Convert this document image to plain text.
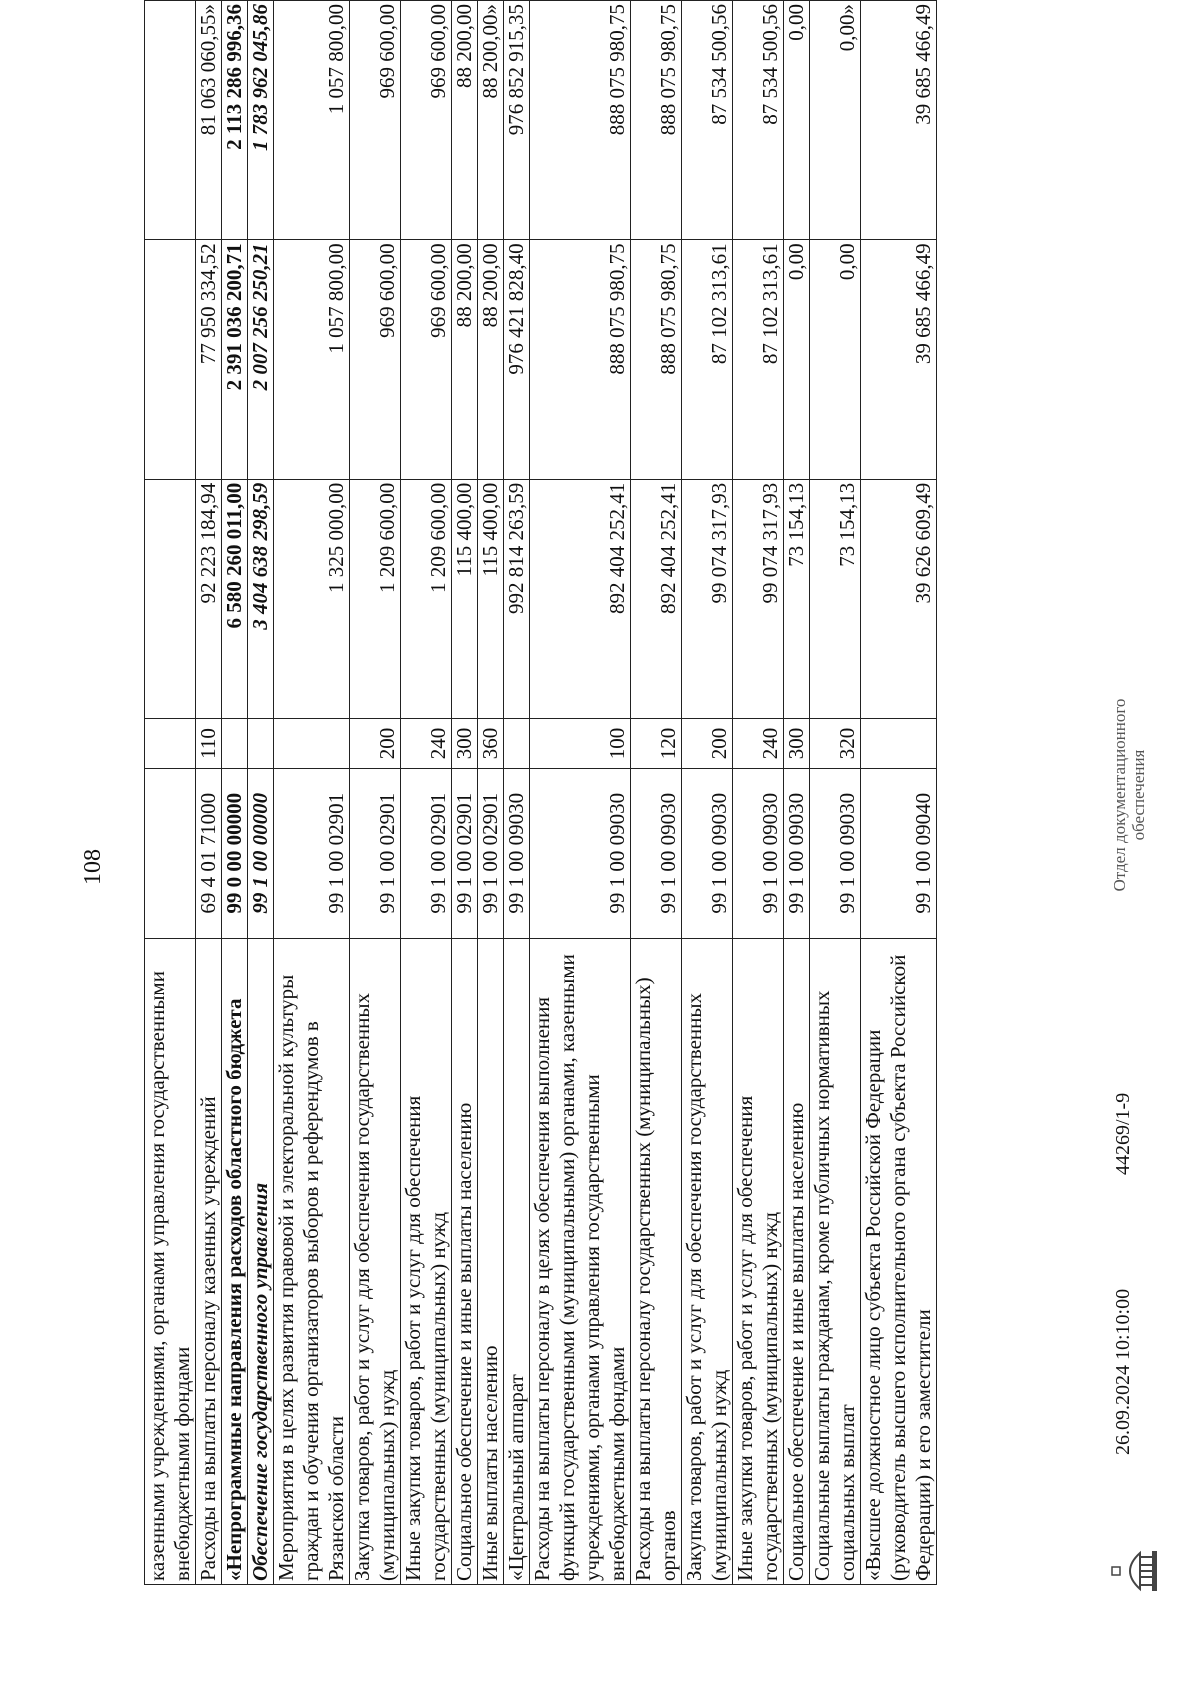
108
казенными учреждениями, органами управления государственными внебюджетными фондами					
Расходы на выплаты персоналу казенных учреждений	69 4 01 71000	110	92 223 184,94	77 950 334,52	81 063 060,55»
«Непрограммные направления расходов областного бюджета	99 0 00 00000		6 580 260 011,00	2 391 036 200,71	2 113 286 996,36
Обеспечение государственного управления	99 1 00 00000		3 404 638 298,59	2 007 256 250,21	1 783 962 045,86
Мероприятия в целях развития правовой и электоральной культуры граждан и обучения организаторов выборов и референдумов в Рязанской области	99 1 00 02901		1 325 000,00	1 057 800,00	1 057 800,00
Закупка товаров, работ и услуг для обеспечения государственных (муниципальных) нужд	99 1 00 02901	200	1 209 600,00	969 600,00	969 600,00
Иные закупки товаров, работ и услуг для обеспечения государственных (муниципальных) нужд	99 1 00 02901	240	1 209 600,00	969 600,00	969 600,00
Социальное обеспечение и иные выплаты населению	99 1 00 02901	300	115 400,00	88 200,00	88 200,00
Иные выплаты населению	99 1 00 02901	360	115 400,00	88 200,00	88 200,00»
«Центральный аппарат	99 1 00 09030		992 814 263,59	976 421 828,40	976 852 915,35
Расходы на выплаты персоналу в целях обеспечения выполнения функций государственными (муниципальными) органами, казенными учреждениями, органами управления государственными внебюджетными фондами	99 1 00 09030	100	892 404 252,41	888 075 980,75	888 075 980,75
Расходы на выплаты персоналу государственных (муниципальных) органов	99 1 00 09030	120	892 404 252,41	888 075 980,75	888 075 980,75
Закупка товаров, работ и услуг для обеспечения государственных (муниципальных) нужд	99 1 00 09030	200	99 074 317,93	87 102 313,61	87 534 500,56
Иные закупки товаров, работ и услуг для обеспечения государственных (муниципальных) нужд	99 1 00 09030	240	99 074 317,93	87 102 313,61	87 534 500,56
Социальное обеспечение и иные выплаты населению	99 1 00 09030	300	73 154,13	0,00	0,00
Социальные выплаты гражданам, кроме публичных нормативных социальных выплат	99 1 00 09030	320	73 154,13	0,00	0,00»
«Высшее должностное лицо субъекта Российской Федерации (руководитель высшего исполнительного органа субъекта Российской Федерации) и его заместители	99 1 00 09040		39 626 609,49	39 685 466,49	39 685 466,49
26.09.2024 10:10:00
44269/1-9
Отдел документационного обеспечения
